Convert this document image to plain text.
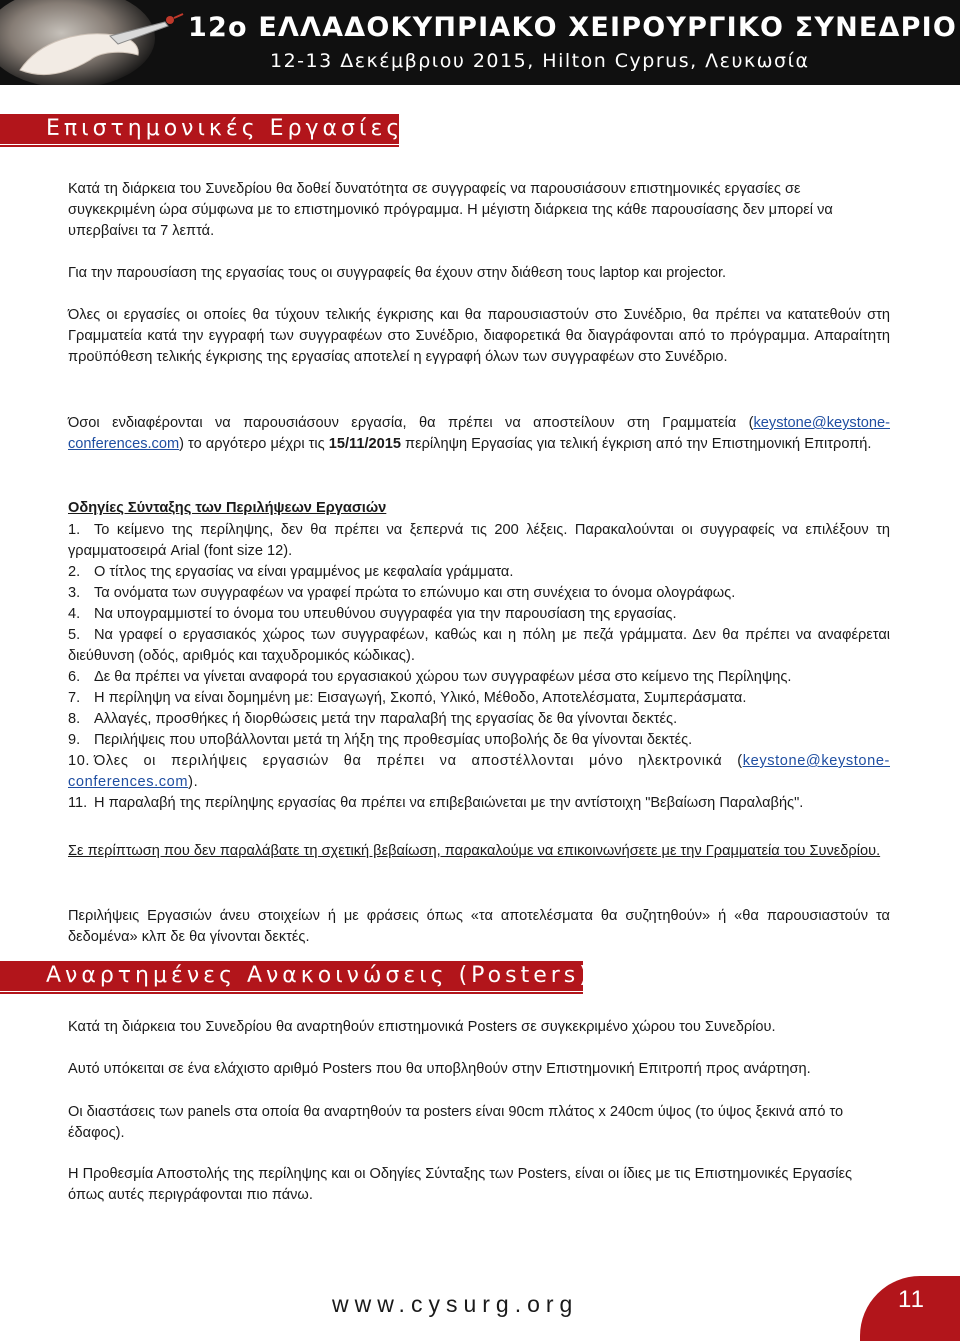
12ο ΕΛΛΑΔΟΚΥΠΡΙΑΚΟ ΧΕΙΡΟΥΡΓΙΚΟ ΣΥΝΕΔΡΙΟ
12-13 Δεκέμβριου 2015, Hilton Cyprus, Λευκωσία
Επιστημονικές Εργασίες
Κατά τη διάρκεια του Συνεδρίου θα δοθεί δυνατότητα σε συγγραφείς να παρουσιάσουν επιστημονικές εργασίες σε συγκεκριμένη ώρα σύμφωνα με το επιστημονικό πρόγραμμα. Η μέγιστη διάρκεια της κάθε παρουσίασης δεν μπορεί να υπερβαίνει τα 7 λεπτά.
Για την παρουσίαση της εργασίας τους οι συγγραφείς θα έχουν στην διάθεση τους laptop και projector.
Όλες οι εργασίες οι οποίες θα τύχουν τελικής έγκρισης και θα παρουσιαστούν στο Συνέδριο, θα πρέπει να κατατεθούν στη Γραμματεία κατά την εγγραφή των συγγραφέων στο Συνέδριο, διαφορετικά θα διαγράφονται από το πρόγραμμα. Απαραίτητη προϋπόθεση τελικής έγκρισης της εργασίας αποτελεί η εγγραφή όλων των συγγραφέων στο Συνέδριο.
Όσοι ενδιαφέρονται να παρουσιάσουν εργασία, θα πρέπει να αποστείλουν στη Γραμματεία (keystone@keystone-conferences.com) το αργότερο μέχρι τις 15/11/2015 περίληψη Εργασίας για τελική έγκριση από την Επιστημονική Επιτροπή.
Οδηγίες Σύνταξης των Περιλήψεων Εργασιών
1. Το κείμενο της περίληψης, δεν θα πρέπει να ξεπερνά τις 200 λέξεις. Παρακαλούνται οι συγγραφείς να επιλέξουν τη γραμματοσειρά Arial (font size 12).
2. Ο τίτλος της εργασίας να είναι γραμμένος με κεφαλαία γράμματα.
3. Τα ονόματα των συγγραφέων να γραφεί πρώτα το επώνυμο και στη συνέχεια το όνομα ολογράφως.
4. Να υπογραμμιστεί το όνομα του υπευθύνου συγγραφέα για την παρουσίαση της εργασίας.
5. Να γραφεί ο εργασιακός χώρος των συγγραφέων, καθώς και η πόλη με πεζά γράμματα. Δεν θα πρέπει να αναφέρεται διεύθυνση (οδός, αριθμός και ταχυδρομικός κώδικας).
6. Δε θα πρέπει να γίνεται αναφορά του εργασιακού χώρου των συγγραφέων μέσα στο κείμενο της Περίληψης.
7. Η περίληψη να είναι δομημένη με: Εισαγωγή, Σκοπό, Υλικό, Μέθοδο, Αποτελέσματα, Συμπεράσματα.
8. Αλλαγές, προσθήκες ή διορθώσεις μετά την παραλαβή της εργασίας δε θα γίνονται δεκτές.
9. Περιλήψεις που υποβάλλονται μετά τη λήξη της προθεσμίας υποβολής δε θα γίνονται δεκτές.
10. Όλες οι περιλήψεις εργασιών θα πρέπει να αποστέλλονται μόνο ηλεκτρονικά (keystone@keystone-conferences.com).
11. Η παραλαβή της περίληψης εργασίας θα πρέπει να επιβεβαιώνεται με την αντίστοιχη "Βεβαίωση Παραλαβής".
Σε περίπτωση που δεν παραλάβατε τη σχετική βεβαίωση, παρακαλούμε να επικοινωνήσετε με την Γραμματεία του Συνεδρίου.
Περιλήψεις Εργασιών άνευ στοιχείων ή με φράσεις όπως «τα αποτελέσματα θα συζητηθούν» ή «θα παρουσιαστούν τα δεδομένα» κλπ δε θα γίνονται δεκτές.
Αναρτημένες Ανακοινώσεις (Posters)
Κατά τη διάρκεια του Συνεδρίου θα αναρτηθούν επιστημονικά Posters σε συγκεκριμένο χώρου του Συνεδρίου.
Αυτό υπόκειται σε ένα ελάχιστο αριθμό Posters που θα υποβληθούν στην Επιστημονική Επιτροπή προς ανάρτηση.
Οι διαστάσεις των panels στα οποία θα αναρτηθούν τα posters είναι 90cm πλάτος x 240cm ύψος (το ύψος ξεκινά από το έδαφος).
Η Προθεσμία Αποστολής της περίληψης και οι Οδηγίες Σύνταξης των Posters, είναι οι ίδιες με τις Επιστημονικές Εργασίες όπως αυτές περιγράφονται πιο πάνω.
www.cysurg.org	11
